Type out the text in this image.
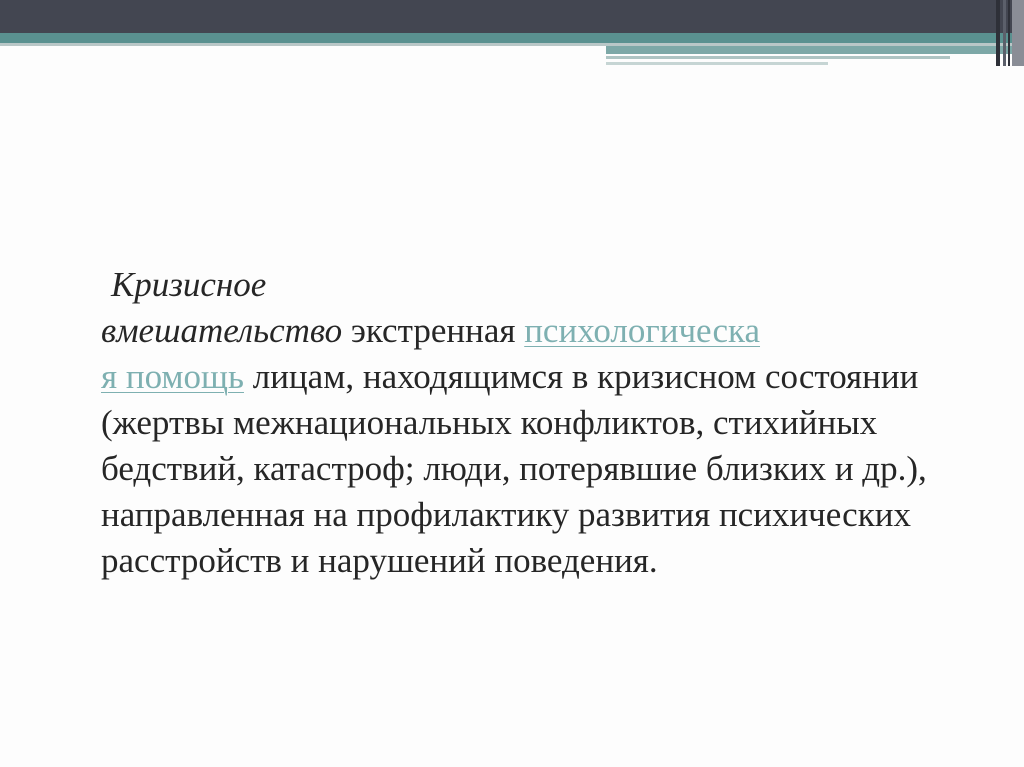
Кризисное
вмешательство экстренная психологическа
я помощь лицам, находящимся в кризисном состоянии (жертвы межнациональных конфликтов, стихийных бедствий, катастроф; люди, потерявшие близких и др.), направленная на профилактику развития психических расстройств и нарушений поведения.
